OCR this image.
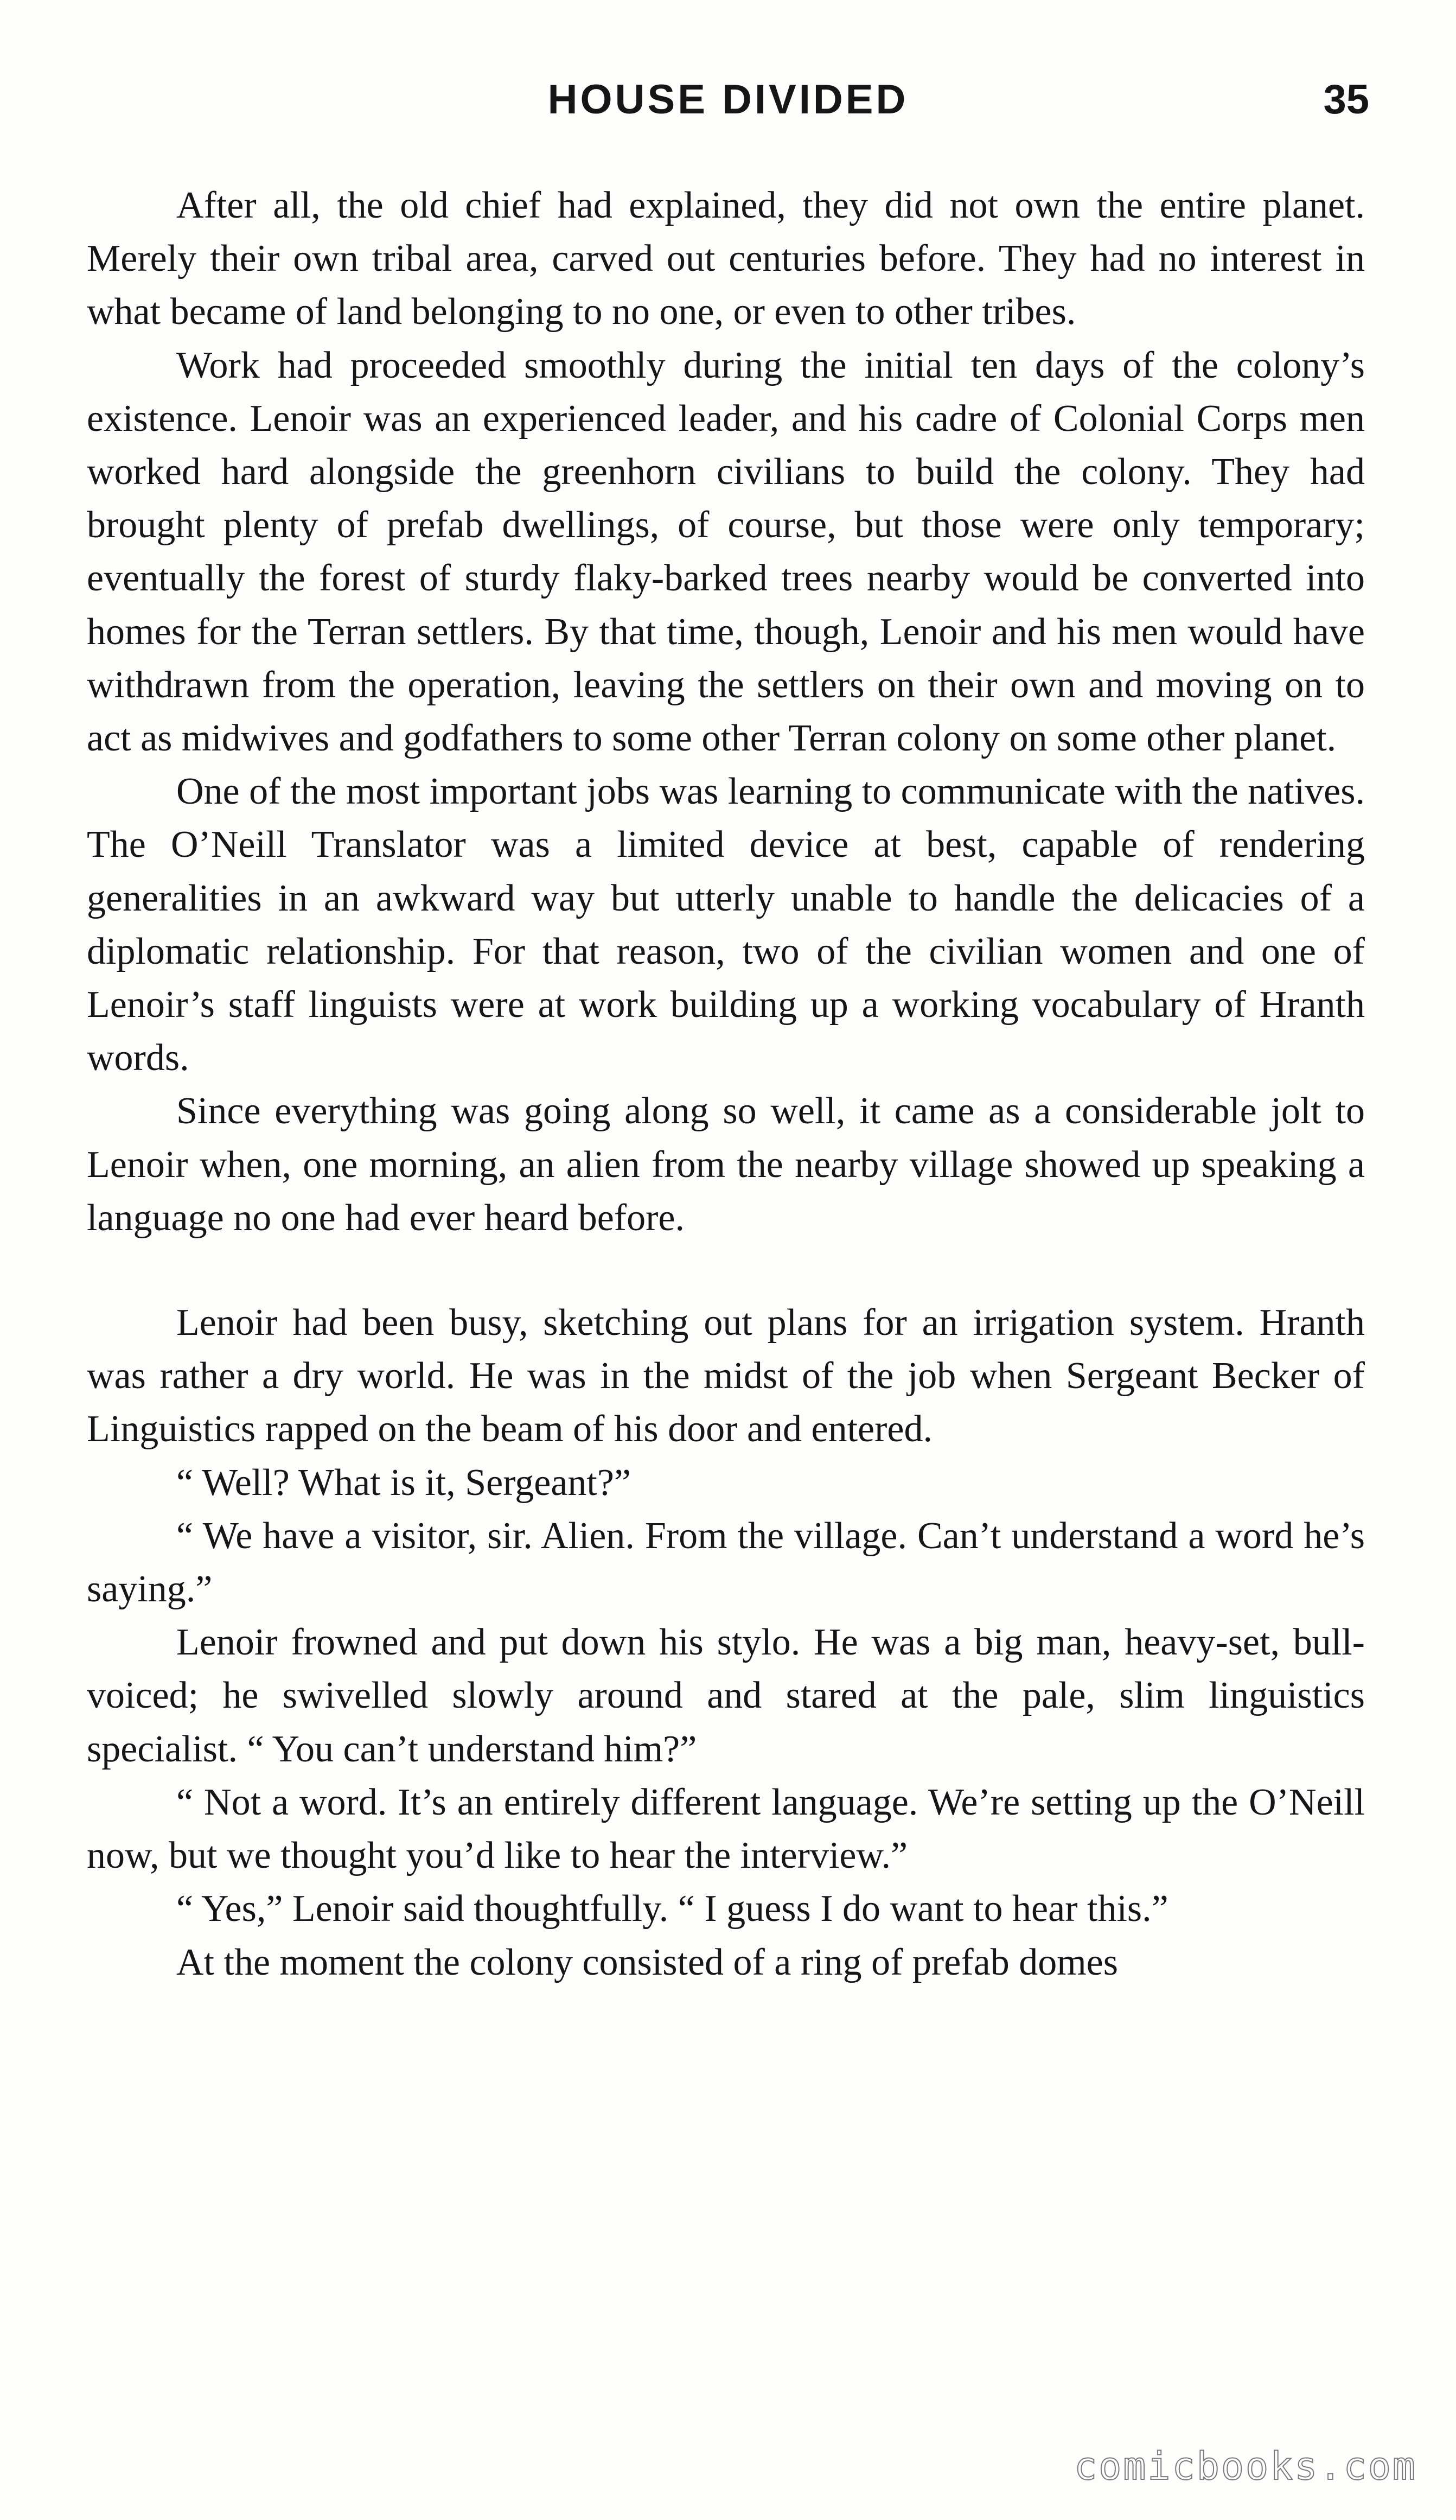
HOUSE DIVIDED	35

After all, the old chief had explained, they did not own the entire planet. Merely their own tribal area, carved out centuries before. They had no interest in what became of land belonging to no one, or even to other tribes.

Work had proceeded smoothly during the initial ten days of the colony’s existence. Lenoir was an experienced leader, and his cadre of Colonial Corps men worked hard alongside the greenhorn civilians to build the colony. They had brought plenty of prefab dwellings, of course, but those were only temporary; eventually the forest of sturdy flaky-barked trees nearby would be converted into homes for the Terran settlers. By that time, though, Lenoir and his men would have withdrawn from the operation, leaving the settlers on their own and moving on to act as midwives and godfathers to some other Terran colony on some other planet.

One of the most important jobs was learning to communicate with the natives. The O’Neill Translator was a limited device at best, capable of rendering generalities in an awkward way but utterly unable to handle the delicacies of a diplomatic relationship. For that reason, two of the civilian women and one of Lenoir’s staff linguists were at work building up a working vocabulary of Hranth words.

Since everything was going along so well, it came as a considerable jolt to Lenoir when, one morning, an alien from the nearby village showed up speaking a language no one had ever heard before.

Lenoir had been busy, sketching out plans for an irrigation system. Hranth was rather a dry world. He was in the midst of the job when Sergeant Becker of Linguistics rapped on the beam of his door and entered.

“ Well? What is it, Sergeant?”

“ We have a visitor, sir. Alien. From the village. Can’t understand a word he’s saying.”

Lenoir frowned and put down his stylo. He was a big man, heavy-set, bull-voiced; he swivelled slowly around and stared at the pale, slim linguistics specialist. “ You can’t understand him?”

“ Not a word. It’s an entirely different language. We’re setting up the O’Neill now, but we thought you’d like to hear the interview.”

“ Yes,” Lenoir said thoughtfully. “ I guess I do want to hear this.”

At the moment the colony consisted of a ring of prefab domes

comicbooks.com
